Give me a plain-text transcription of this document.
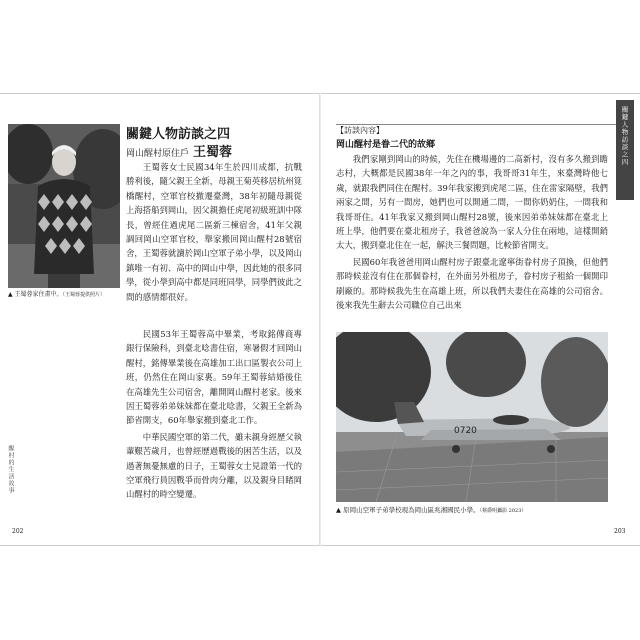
▲ 王蜀蓉家住畫中。（王蜀蓉提供照片）
關鍵人物訪談之四
岡山醒村原住戶 王蜀蓉

王蜀蓉女士民國34年生於四川成都，抗戰勝利後，隨父親王全新，母親王菊英移居杭州筧橋醒村，空軍官校撤遷臺灣，38年初隨母親從上海搭船到岡山，因父親擔任虎尾初級班訓中隊長，曾經住過虎尾二區新三棟宿舍，41年父親調回岡山空軍官校，舉家搬回岡山醒村28號宿舍，王蜀蓉就讀於岡山空軍子弟小學，以及岡山鎮唯一有初、高中的岡山中學，因此她的很多同學，從小學到高中都是同班同學，同學們彼此之間的感情都很好。

民國53年王蜀蓉高中畢業，考取銘傳商專銀行保險科，到臺北唸書住宿，寒暑假才回岡山醒村，銘傳畢業後在高雄加工出口區製衣公司上班，仍然住在岡山家裏。59年王蜀蓉結婚後住在高雄先生公司宿舍，離開岡山醒村老家。後來因王蜀蓉弟弟妹妹都在臺北唸書，父親王全新為節省開支，60年舉家搬到臺北工作。

中華民國空軍的第二代，雖未親身經歷父執輩艱苦歲月，也曾經歷過戰後的困苦生活，以及過著無憂無慮的日子，王蜀蓉女士見證第一代的空軍飛行員因戰爭而骨肉分離，以及親身目睹岡山醒村的時空變遷。

醒村的生活故事
202
【訪談內容】
岡山醒村是眷二代的故鄉

我們家剛到岡山的時候，先住在機場邊的二高新村，沒有多久搬到瞻志村，大概都是民國38年一年之內的事，我哥哥31年生，來臺灣時他七歲，就跟我們同住在醒村。39年我家搬到虎尾二區，住在雷家隔壁，我們兩家之間，另有一間房，她們也可以開通二間，一間你奶奶住，一間我和我哥哥住。41年我家又搬到岡山醒村28號，後來因弟弟妹妹都在臺北上班上學，他們要在臺北租房子，我爸爸說為一家人分住在兩地，這樣開銷太大，搬到臺北住在一起，解決三餐問題，比較節省開支。

民國60年我爸爸用岡山醒村房子跟臺北遼寧街眷村房子頂換，但他們那時候並沒有住在那個眷村，在外面另外租房子，眷村房子租給一個開印刷廠的。那時候我先生在高雄上班，所以我們夫妻住在高雄的公司宿舍。後來我先生辭去公司職位自己出來

0720
▲ 原岡山空軍子弟學校現為岡山區兆湘國民小學。（蔡爵明攝影 2023）
關鍵人物訪談之四
203
